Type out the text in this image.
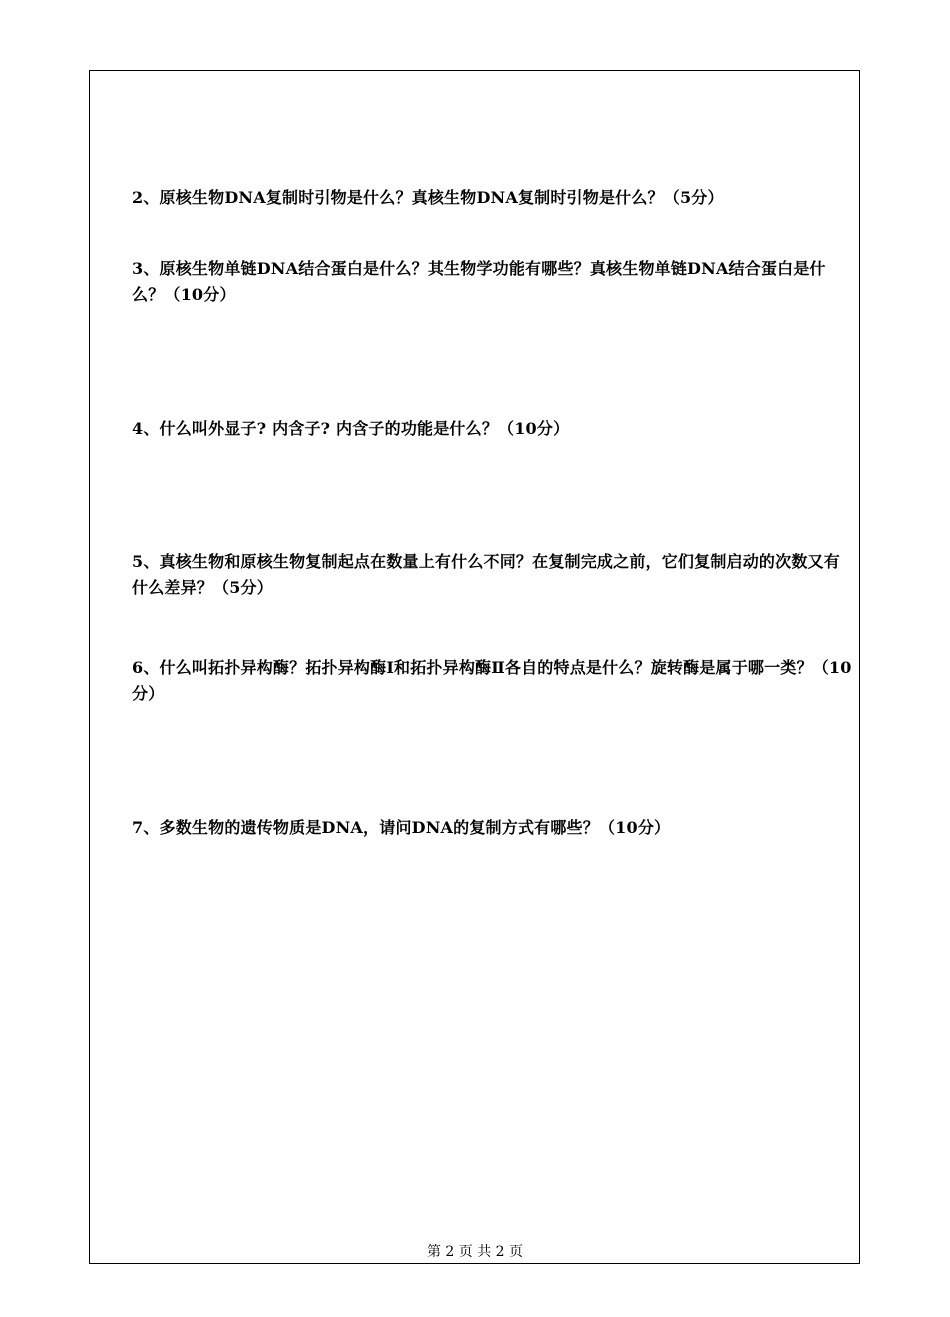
2、原核生物DNA复制时引物是什么？真核生物DNA复制时引物是什么？（5分）
3、原核生物单链DNA结合蛋白是什么？其生物学功能有哪些？真核生物单链DNA结合蛋白是什么？（10分）
4、什么叫外显子? 内含子? 内含子的功能是什么？（10分）
5、真核生物和原核生物复制起点在数量上有什么不同？在复制完成之前，它们复制启动的次数又有什么差异？（5分）
6、什么叫拓扑异构酶？拓扑异构酶Ⅰ和拓扑异构酶Ⅱ各自的特点是什么？旋转酶是属于哪一类？（10分）
7、多数生物的遗传物质是DNA，请问DNA的复制方式有哪些？（10分）
第 2 页 共 2 页
